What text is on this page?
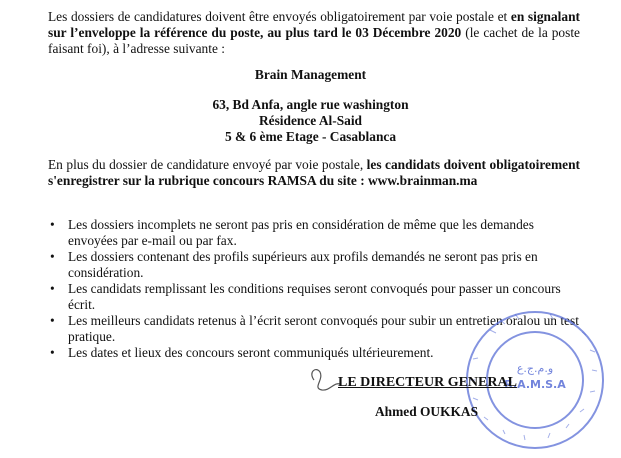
Les dossiers de candidatures doivent être envoyés obligatoirement par voie postale et en signalant sur l’enveloppe la référence du poste, au plus tard le 03 Décembre 2020 (le cachet de la poste faisant foi), à l’adresse suivante :
Brain Management
63, Bd Anfa, angle rue washington
Résidence Al-Said
5 & 6 ème Etage - Casablanca
En plus du dossier de candidature envoyé par voie postale, les candidats doivent obligatoirement s'enregistrer sur la rubrique concours RAMSA du site : www.brainman.ma
• Les dossiers incomplets ne seront pas pris en considération de même que les demandes envoyées par e-mail ou par fax.
• Les dossiers contenant des profils supérieurs aux profils demandés ne seront pas pris en considération.
• Les candidats remplissant les conditions requises seront convoqués pour passer un concours écrit.
• Les meilleurs candidats retenus à l’écrit seront convoqués pour subir un entretien oralou un test pratique.
• Les dates et lieux des concours seront communiqués ultérieurement.
و.م.ج.ع
R.A.M.S.A
LE DIRECTEUR GENERAL
Ahmed OUKKAS
